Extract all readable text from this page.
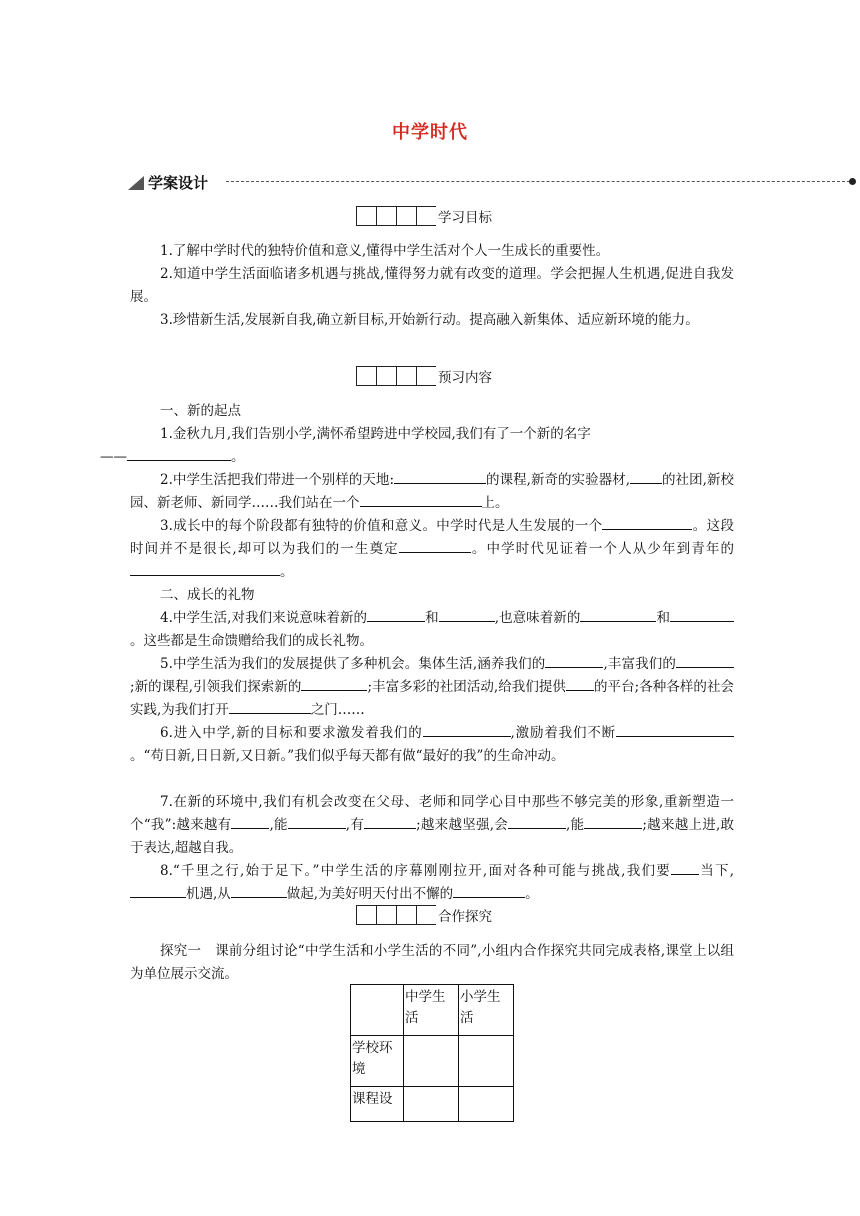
中学时代
学案设计
学习目标
1.了解中学时代的独特价值和意义,懂得中学生活对个人一生成长的重要性。
2.知道中学生活面临诸多机遇与挑战,懂得努力就有改变的道理。学会把握人生机遇,促进自我发展。
3.珍惜新生活,发展新自我,确立新目标,开始新行动。提高融入新集体、适应新环境的能力。
预习内容
一、新的起点
1.金秋九月,我们告别小学,满怀希望跨进中学校园,我们有了一个新的名字
——	。
2.中学生活把我们带进一个别样的天地:	的课程,新奇的实验器材, 的社团,新校园、新老师、新同学……我们站在一个	上。
3.成长中的每个阶段都有独特的价值和意义。中学时代是人生发展的一个	。这段时间并不是很长,却可以为我们的一生奠定	。中学时代见证着一个人从少年到青年的。
二、成长的礼物
4.中学生活,对我们来说意味着新的	和	,也意味着新的	和。这些都是生命馈赠给我们的成长礼物。
5.中学生活为我们的发展提供了多种机会。集体生活,涵养我们的	,丰富我们的;新的课程,引领我们探索新的	;丰富多彩的社团活动,给我们提供 的平台;各种各样的社会实践,为我们打开	之门……
6.进入中学,新的目标和要求激发着我们的	,激励着我们不断。“苟日新,日日新,又日新。”我们似乎每天都有做“最好的我”的生命冲动。
7.在新的环境中,我们有机会改变在父母、老师和同学心目中那些不够完美的形象,重新塑造一个“我”:越来越有	,能	,有	;越来越坚强,会	,能	;越来越上进,敢于表达,超越自我。
8.“千里之行,始于足下。”中学生活的序幕刚刚拉开,面对各种可能与挑战,我们要 当下,机遇,从	做起,为美好明天付出不懈的	。
合作探究
探究一　课前分组讨论“中学生活和小学生活的不同”,小组内合作探究共同完成表格,课堂上以组为单位展示交流。
	中学生活	小学生活
学校环境		
课程设		
